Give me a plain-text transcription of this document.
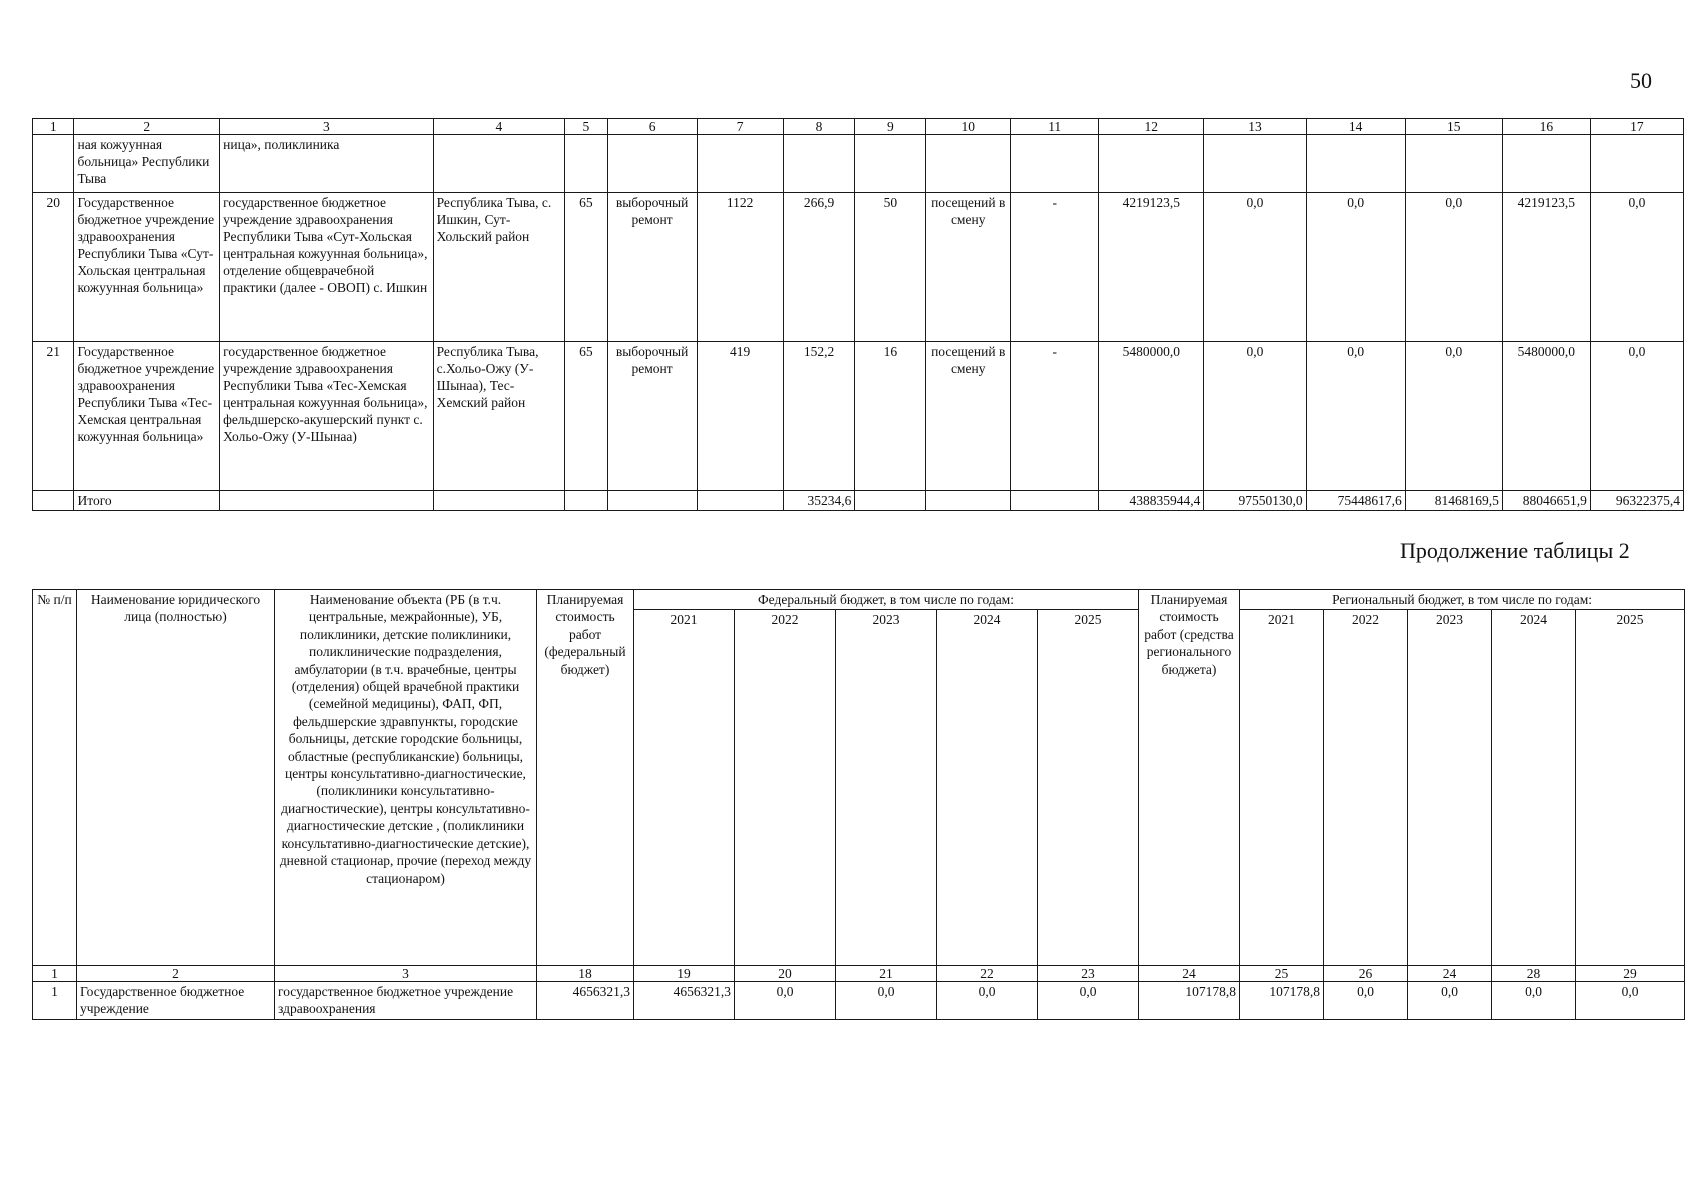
50
1	2	3	4	5	6	7	8	9	10	11	12	13	14	15	16	17
	ная кожуунная больница» Республики Тыва	ница», поликлиника														
20	Государственное бюджетное учреждение здравоохранения Республики Тыва «Сут-Хольская центральная кожуунная больница»	государственное бюджетное учреждение здравоохранения Республики Тыва «Сут-Хольская центральная кожуунная больница», отделение общеврачебной практики (далее - ОВОП) с. Ишкин	Республика Тыва, с. Ишкин, Сут-Хольский район	65	выборочный ремонт	1122	266,9	50	посещений в смену	-	4219123,5	0,0	0,0	0,0	4219123,5	0,0
21	Государственное бюджетное учреждение здравоохранения Республики Тыва «Тес-Хемская центральная кожуунная больница»	государственное бюджетное учреждение здравоохранения Республики Тыва «Тес-Хемская центральная кожуунная больница», фельдшерско-акушерский пункт с. Хольо-Ожу (У-Шынаа)	Республика Тыва, с.Хольо-Ожу (У-Шынаа), Тес-Хемский район	65	выборочный ремонт	419	152,2	16	посещений в смену	-	5480000,0	0,0	0,0	0,0	5480000,0	0,0
	Итого						35234,6				438835944,4	97550130,0	75448617,6	81468169,5	88046651,9	96322375,4
Продолжение таблицы 2
№ п/п	Наименование юридического лица (полностью)	Наименование объекта (РБ (в т.ч. центральные, межрайонные), УБ, поликлиники, детские поликлиники, поликлинические подразделения, амбулатории (в т.ч. врачебные, центры (отделения) общей врачебной практики (семейной медицины), ФАП, ФП, фельдшерские здравпункты, городские больницы, детские городские больницы, областные (республиканские) больницы, центры консультативно-диагностические, (поликлиники консультативно-диагностические), центры консультативно-диагностические детские , (поликлиники консультативно-диагностические детские), дневной стационар, прочие (переход между стационаром)	Планируемая стоимость работ (федеральный бюджет)	Федеральный бюджет, в том числе по годам:					Планируемая стоимость работ (средства регионального бюджета)	Региональный бюджет, в том числе по годам:				
				2021	2022	2023	2024	2025		2021	2022	2023	2024	2025
1	2	3	18	19	20	21	22	23	24	25	26	24	28	29
1	Государственное бюджетное учреждение	государственное бюджетное учреждение здравоохранения	4656321,3	4656321,3	0,0	0,0	0,0	0,0	107178,8	107178,8	0,0	0,0	0,0	0,0
